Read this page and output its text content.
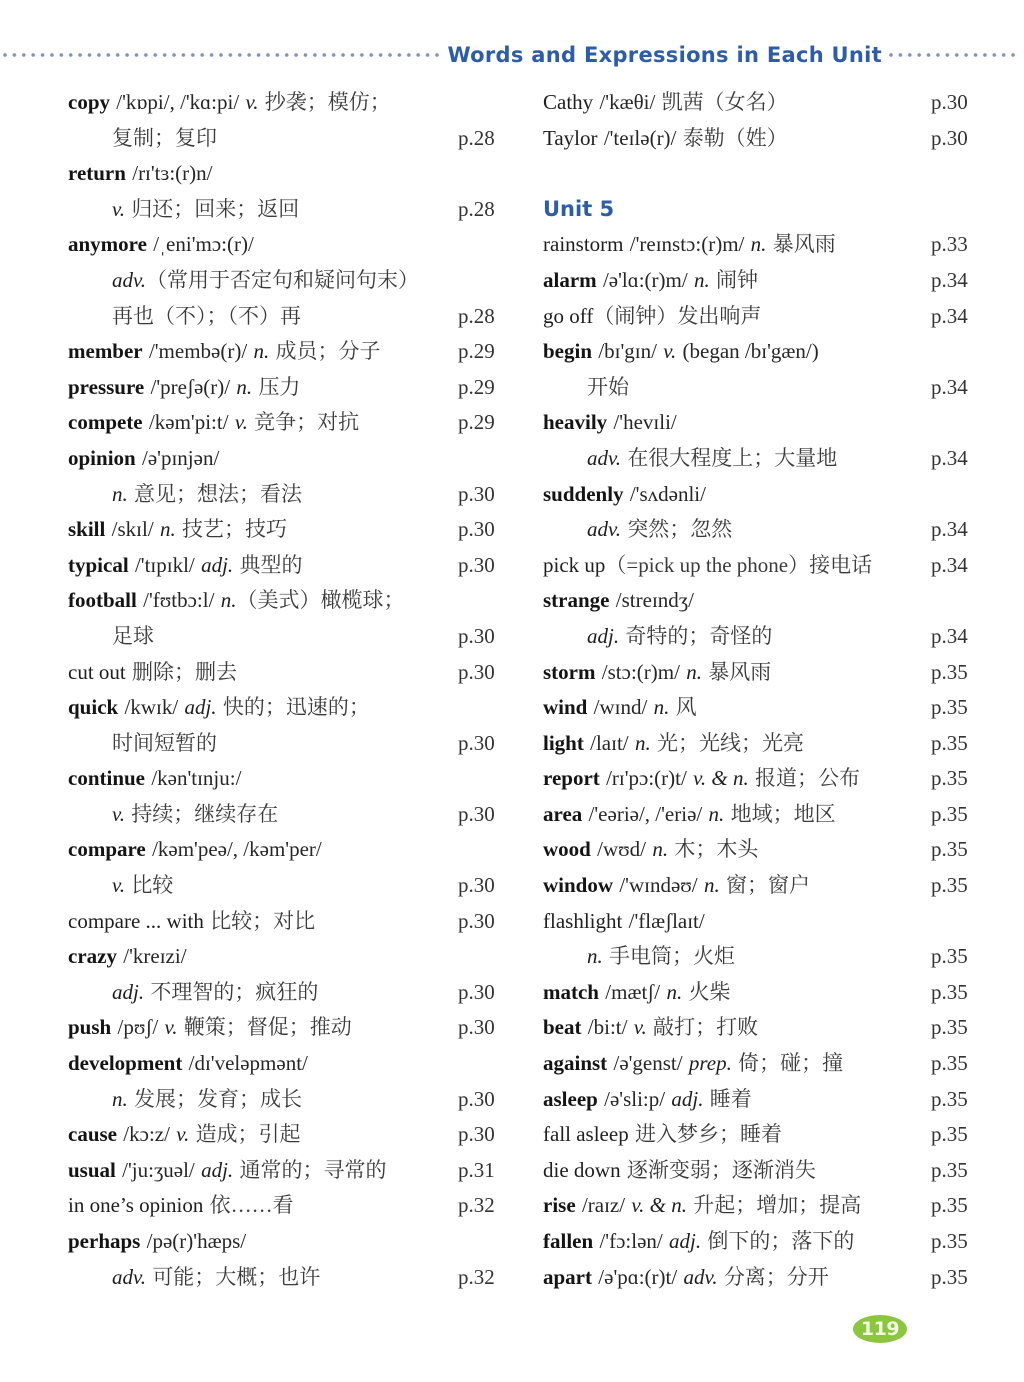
Words and Expressions in Each Unit
copy /'kɒpi/, /'kɑ:pi/ v. 抄袭；模仿；
复制；复印	p.28
return /rɪ'tɜ:(r)n/
v. 归还；回来；返回	p.28
anymore /ˌeni'mɔ:(r)/
adv. （常用于否定句和疑问句末）
再也（不）；（不）再	p.28
member /'membə(r)/ n. 成员；分子	p.29
pressure /'preʃə(r)/ n. 压力	p.29
compete /kəm'pi:t/ v. 竞争；对抗	p.29
opinion /ə'pɪnjən/
n. 意见；想法；看法	p.30
skill /skɪl/ n. 技艺；技巧	p.30
typical /'tɪpɪkl/ adj. 典型的	p.30
football /'fʊtbɔ:l/ n. （美式）橄榄球；
足球	p.30
cut out 删除；删去	p.30
quick /kwɪk/ adj. 快的；迅速的；
时间短暂的	p.30
continue /kən'tɪnju:/
v. 持续；继续存在	p.30
compare /kəm'peə/, /kəm'per/
v. 比较	p.30
compare ... with 比较；对比	p.30
crazy /'kreɪzi/
adj. 不理智的；疯狂的	p.30
push /pʊʃ/ v. 鞭策；督促；推动	p.30
development /dɪ'veləpmənt/
n. 发展；发育；成长	p.30
cause /kɔ:z/ v. 造成；引起	p.30
usual /'ju:ʒuəl/ adj. 通常的；寻常的	p.31
in one’s opinion 依……看	p.32
perhaps /pə(r)'hæps/
adv. 可能；大概；也许	p.32
Cathy /'kæθi/ 凯茜（女名）	p.30
Taylor /'teɪlə(r)/ 泰勒（姓）	p.30
Unit 5
rainstorm /'reɪnstɔ:(r)m/ n. 暴风雨	p.33
alarm /ə'lɑ:(r)m/ n. 闹钟	p.34
go off （闹钟）发出响声	p.34
begin /bɪ'gɪn/ v. (began /bɪ'gæn/)
开始	p.34
heavily /'hevɪli/
adv. 在很大程度上；大量地	p.34
suddenly /'sʌdənli/
adv. 突然；忽然	p.34
pick up （=pick up the phone）接电话	p.34
strange /streɪndʒ/
adj. 奇特的；奇怪的	p.34
storm /stɔ:(r)m/ n. 暴风雨	p.35
wind /wɪnd/ n. 风	p.35
light /laɪt/ n. 光；光线；光亮	p.35
report /rɪ'pɔ:(r)t/ v. & n. 报道；公布	p.35
area /'eəriə/, /'eriə/ n. 地域；地区	p.35
wood /wʊd/ n. 木；木头	p.35
window /'wɪndəʊ/ n. 窗；窗户	p.35
flashlight /'flæʃlaɪt/
n. 手电筒；火炬	p.35
match /mætʃ/ n. 火柴	p.35
beat /bi:t/ v. 敲打；打败	p.35
against /ə'genst/ prep. 倚；碰；撞	p.35
asleep /ə'sli:p/ adj. 睡着	p.35
fall asleep 进入梦乡；睡着	p.35
die down 逐渐变弱；逐渐消失	p.35
rise /raɪz/ v. & n. 升起；增加；提高	p.35
fallen /'fɔ:lən/ adj. 倒下的；落下的	p.35
apart /ə'pɑ:(r)t/ adv. 分离；分开	p.35
119
